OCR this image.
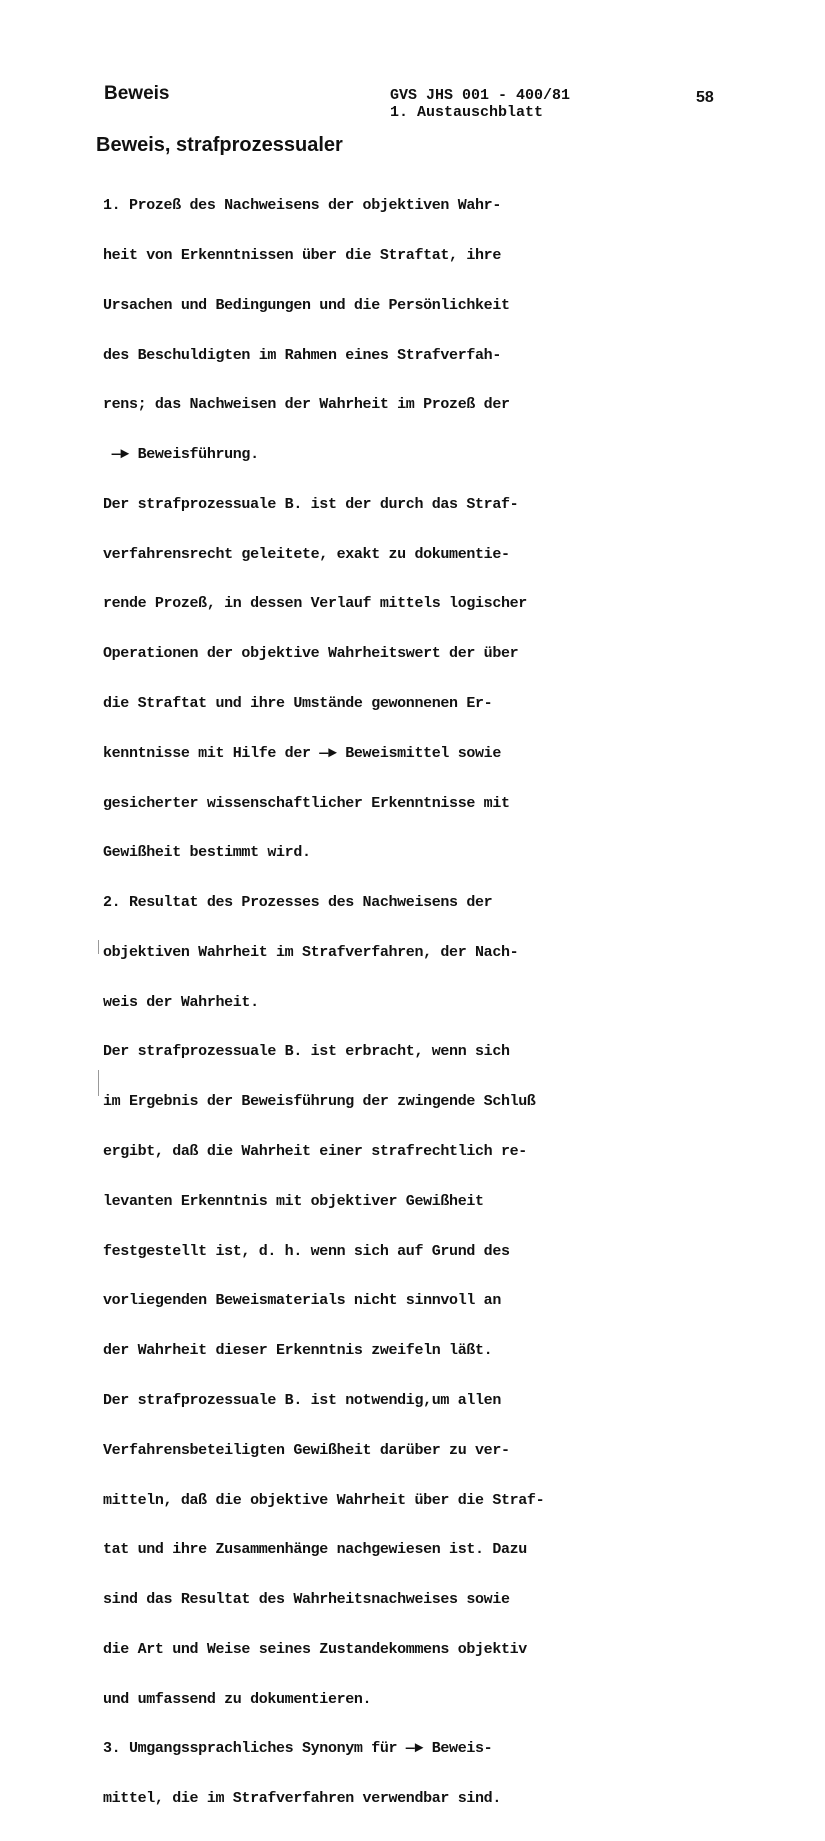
Beweis	GVS JHS 001 - 400/81
1. Austauschblatt
58
Beweis, strafprozessualer

1. Prozeß des Nachweisens der objektiven Wahr-

heit von Erkenntnissen über die Straftat, ihre

Ursachen und Bedingungen und die Persönlichkeit

des Beschuldigten im Rahmen eines Strafverfah-

rens; das Nachweisen der Wahrheit im Prozeß der

—► Beweisführung.

Der strafprozessuale B. ist der durch das Straf-

verfahrensrecht geleitete, exakt zu dokumentie-

rende Prozeß, in dessen Verlauf mittels logischer

Operationen der objektive Wahrheitswert der über

die Straftat und ihre Umstände gewonnenen Er-

kenntnisse mit Hilfe der —► Beweismittel sowie

gesicherter wissenschaftlicher Erkenntnisse mit

Gewißheit bestimmt wird.

2. Resultat des Prozesses des Nachweisens der

objektiven Wahrheit im Strafverfahren, der Nach-

weis der Wahrheit.

Der strafprozessuale B. ist erbracht, wenn sich

im Ergebnis der Beweisführung der zwingende Schluß

ergibt, daß die Wahrheit einer strafrechtlich re-

levanten Erkenntnis mit objektiver Gewißheit

festgestellt ist, d. h. wenn sich auf Grund des

vorliegenden Beweismaterials nicht sinnvoll an

der Wahrheit dieser Erkenntnis zweifeln läßt.

Der strafprozessuale B. ist notwendig,um allen

Verfahrensbeteiligten Gewißheit darüber zu ver-

mitteln, daß die objektive Wahrheit über die Straf-

tat und ihre Zusammenhänge nachgewiesen ist. Dazu

sind das Resultat des Wahrheitsnachweises sowie

die Art und Weise seines Zustandekommens objektiv

und umfassend zu dokumentieren.

3. Umgangssprachliches Synonym für —► Beweis-

mittel, die im Strafverfahren verwendbar sind.
